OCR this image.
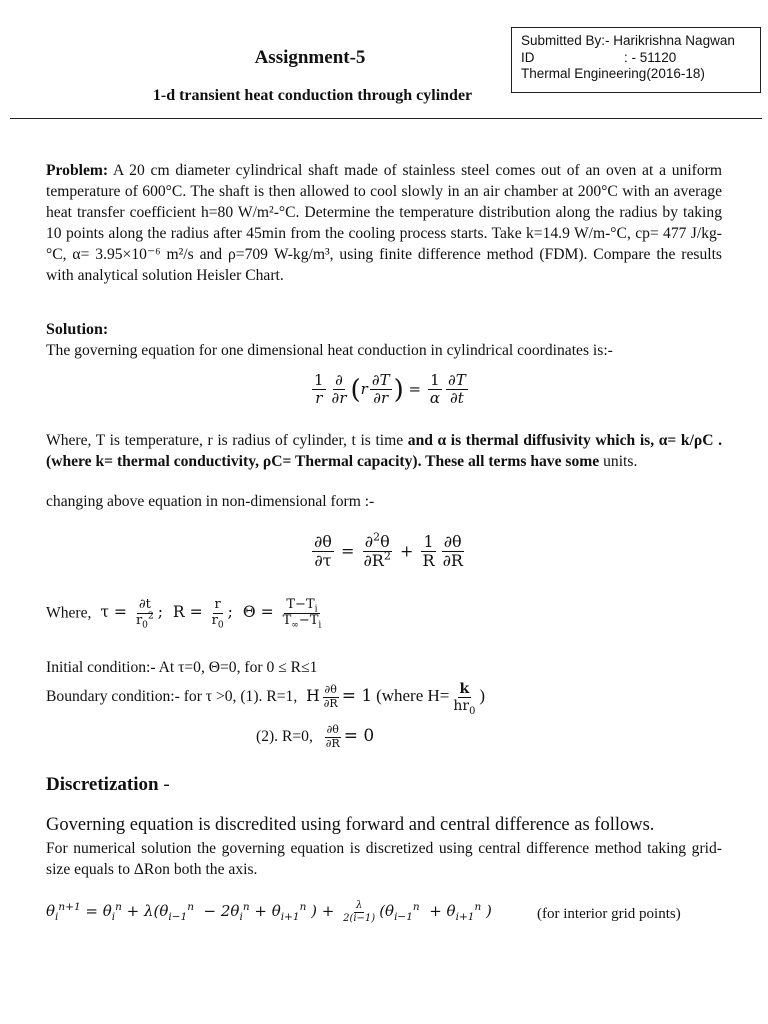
Submitted By:- Harikrishna Nagwan
ID	: - 51120
Thermal Engineering(2016-18)
Assignment-5
1-d transient heat conduction through cylinder
Problem: A 20 cm diameter cylindrical shaft made of stainless steel comes out of an oven at a uniform temperature of 600°C. The shaft is then allowed to cool slowly in an air chamber at 200°C with an average heat transfer coefficient h=80 W/m²-°C. Determine the temperature distribution along the radius by taking 10 points along the radius after 45min from the cooling process starts. Take k=14.9 W/m-°C, cp= 477 J/kg-°C, α= 3.95×10⁻⁶ m²/s and ρ=709 W-kg/m³, using finite difference method (FDM). Compare the results with analytical solution Heisler Chart.
Solution:
The governing equation for one dimensional heat conduction in cylindrical coordinates is:-
$\frac{1}{r} \frac{\partial}{\partial r} (r \frac{\partial T}{\partial r}$ ) = $\frac{1}{\alpha} \frac{\partial T}{\partial t}$
Where, T is temperature, r is radius of cylinder, t is time and α is thermal diffusivity which is, α= k/ρC . (where k= thermal conductivity, ρC= Thermal capacity). These all terms have some units.
changing above equation in non-dimensional form :-
$\frac{\partial\theta}{\partial\tau} = \frac{\partial^2\theta}{\partial R^2} + \frac{1}{R} \frac{\partial\theta}{\partial R}$
Where,  $\tau = \frac{\partial t}{r_0^2}$ ;  $R = \frac{r}{r_0}$ ;  $\Theta = \frac{T-T_i}{T_\infty-T_i}$
Initial condition:- At τ=0, Θ=0, for 0 ≤ R≤1
Boundary condition:- for τ >0, (1). R=1,  H $\frac{\partial\theta}{\partial R} = 1$ (where $H= \frac{k}{hr_0}$ )
(2). R=0, $\frac{\partial\theta}{\partial R} = 0$
Discretization -
Governing equation is discredited using forward and central difference as follows.
For numerical solution the governing equation is discretized using central difference method taking grid-size equals to ΔRon both the axis.
$\theta_i^{n+1} = \theta_i^n + \lambda(\theta_{i-1}^n - 2\theta_i^n + \theta_{i+1}^n$ ) + $\frac{\lambda}{2(i-1)} (\theta_{i-1}^n + \theta_{i+1}^n$ )	(for interior grid points)
